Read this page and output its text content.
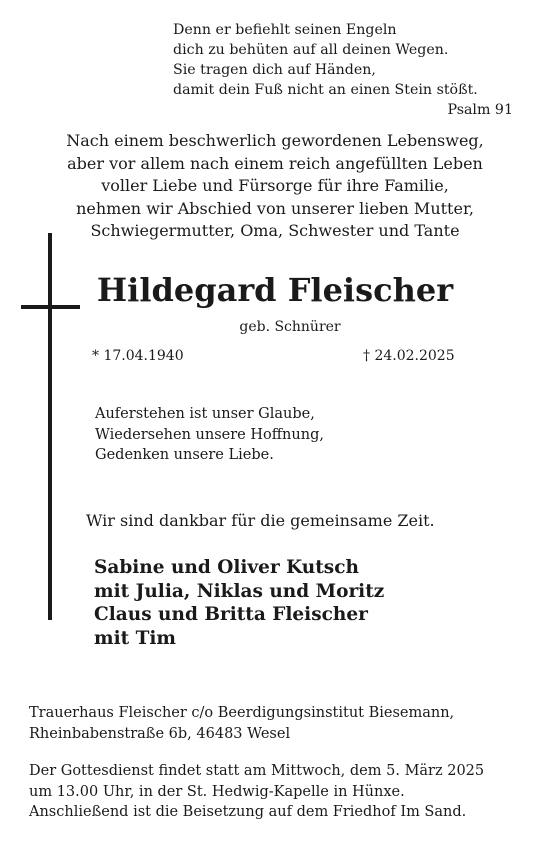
Denn er befiehlt seinen Engeln
dich zu behüten auf all deinen Wegen.
Sie tragen dich auf Händen,
damit dein Fuß nicht an einen Stein stößt.
Psalm 91
Nach einem beschwerlich gewordenen Lebensweg,
aber vor allem nach einem reich angefüllten Leben
voller Liebe und Fürsorge für ihre Familie,
nehmen wir Abschied von unserer lieben Mutter,
Schwiegermutter, Oma, Schwester und Tante
Hildegard Fleischer
geb. Schnürer
* 17.04.1940	† 24.02.2025
Auferstehen ist unser Glaube,
Wiedersehen unsere Hoffnung,
Gedenken unsere Liebe.
Wir sind dankbar für die gemeinsame Zeit.
Sabine und Oliver Kutsch
mit Julia, Niklas und Moritz
Claus und Britta Fleischer
mit Tim
Trauerhaus Fleischer c/o Beerdigungsinstitut Biesemann,
Rheinbabenstraße 6b, 46483 Wesel
Der Gottesdienst findet statt am Mittwoch, dem 5. März 2025
um 13.00 Uhr, in der St. Hedwig-Kapelle in Hünxe.
Anschließend ist die Beisetzung auf dem Friedhof Im Sand.
